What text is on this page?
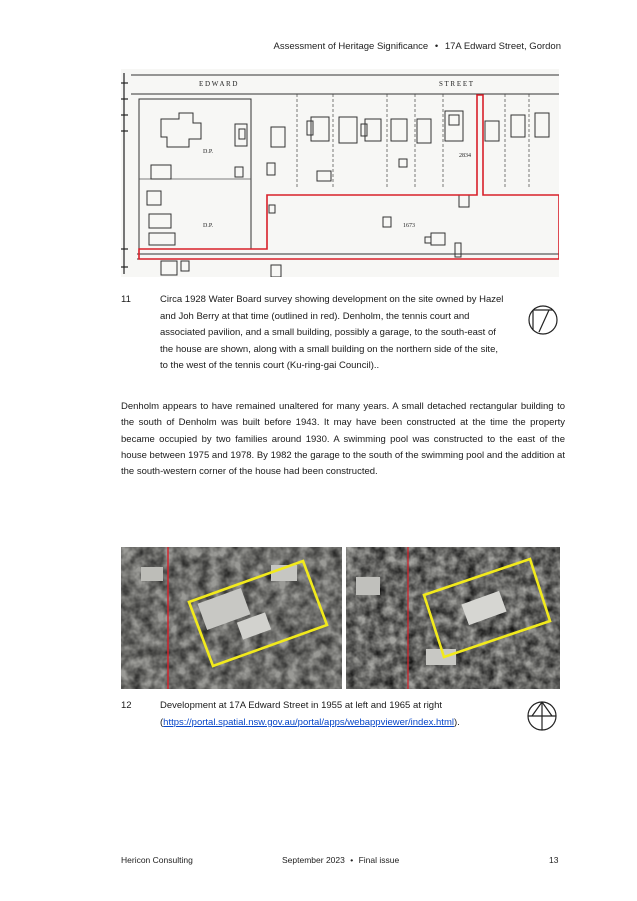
Assessment of Heritage Significance • 17A Edward Street, Gordon
E D W A R D	S T R E E T
D.P.
D.P.
2834
1673
11	Circa 1928 Water Board survey showing development on the site owned by Hazel and Joh Berry at that time (outlined in red). Denholm, the tennis court and associated pavilion, and a small building, possibly a garage, to the south-east of the house are shown, along with a small building on the northern side of the site, to the west of the tennis court (Ku-ring-gai Council)..
Denholm appears to have remained unaltered for many years. A small detached rectangular building to the south of Denholm was built before 1943. It may have been constructed at the time the property became occupied by two families around 1930. A swimming pool was constructed to the east of the house between 1975 and 1978. By 1982 the garage to the south of the swimming pool and the addition at the south-western corner of the house had been constructed.
12	Development at 17A Edward Street in 1955 at left and 1965 at right
(https://portal.spatial.nsw.gov.au/portal/apps/webappviewer/index.html).
Hericon Consulting	September 2023 • Final issue	13
